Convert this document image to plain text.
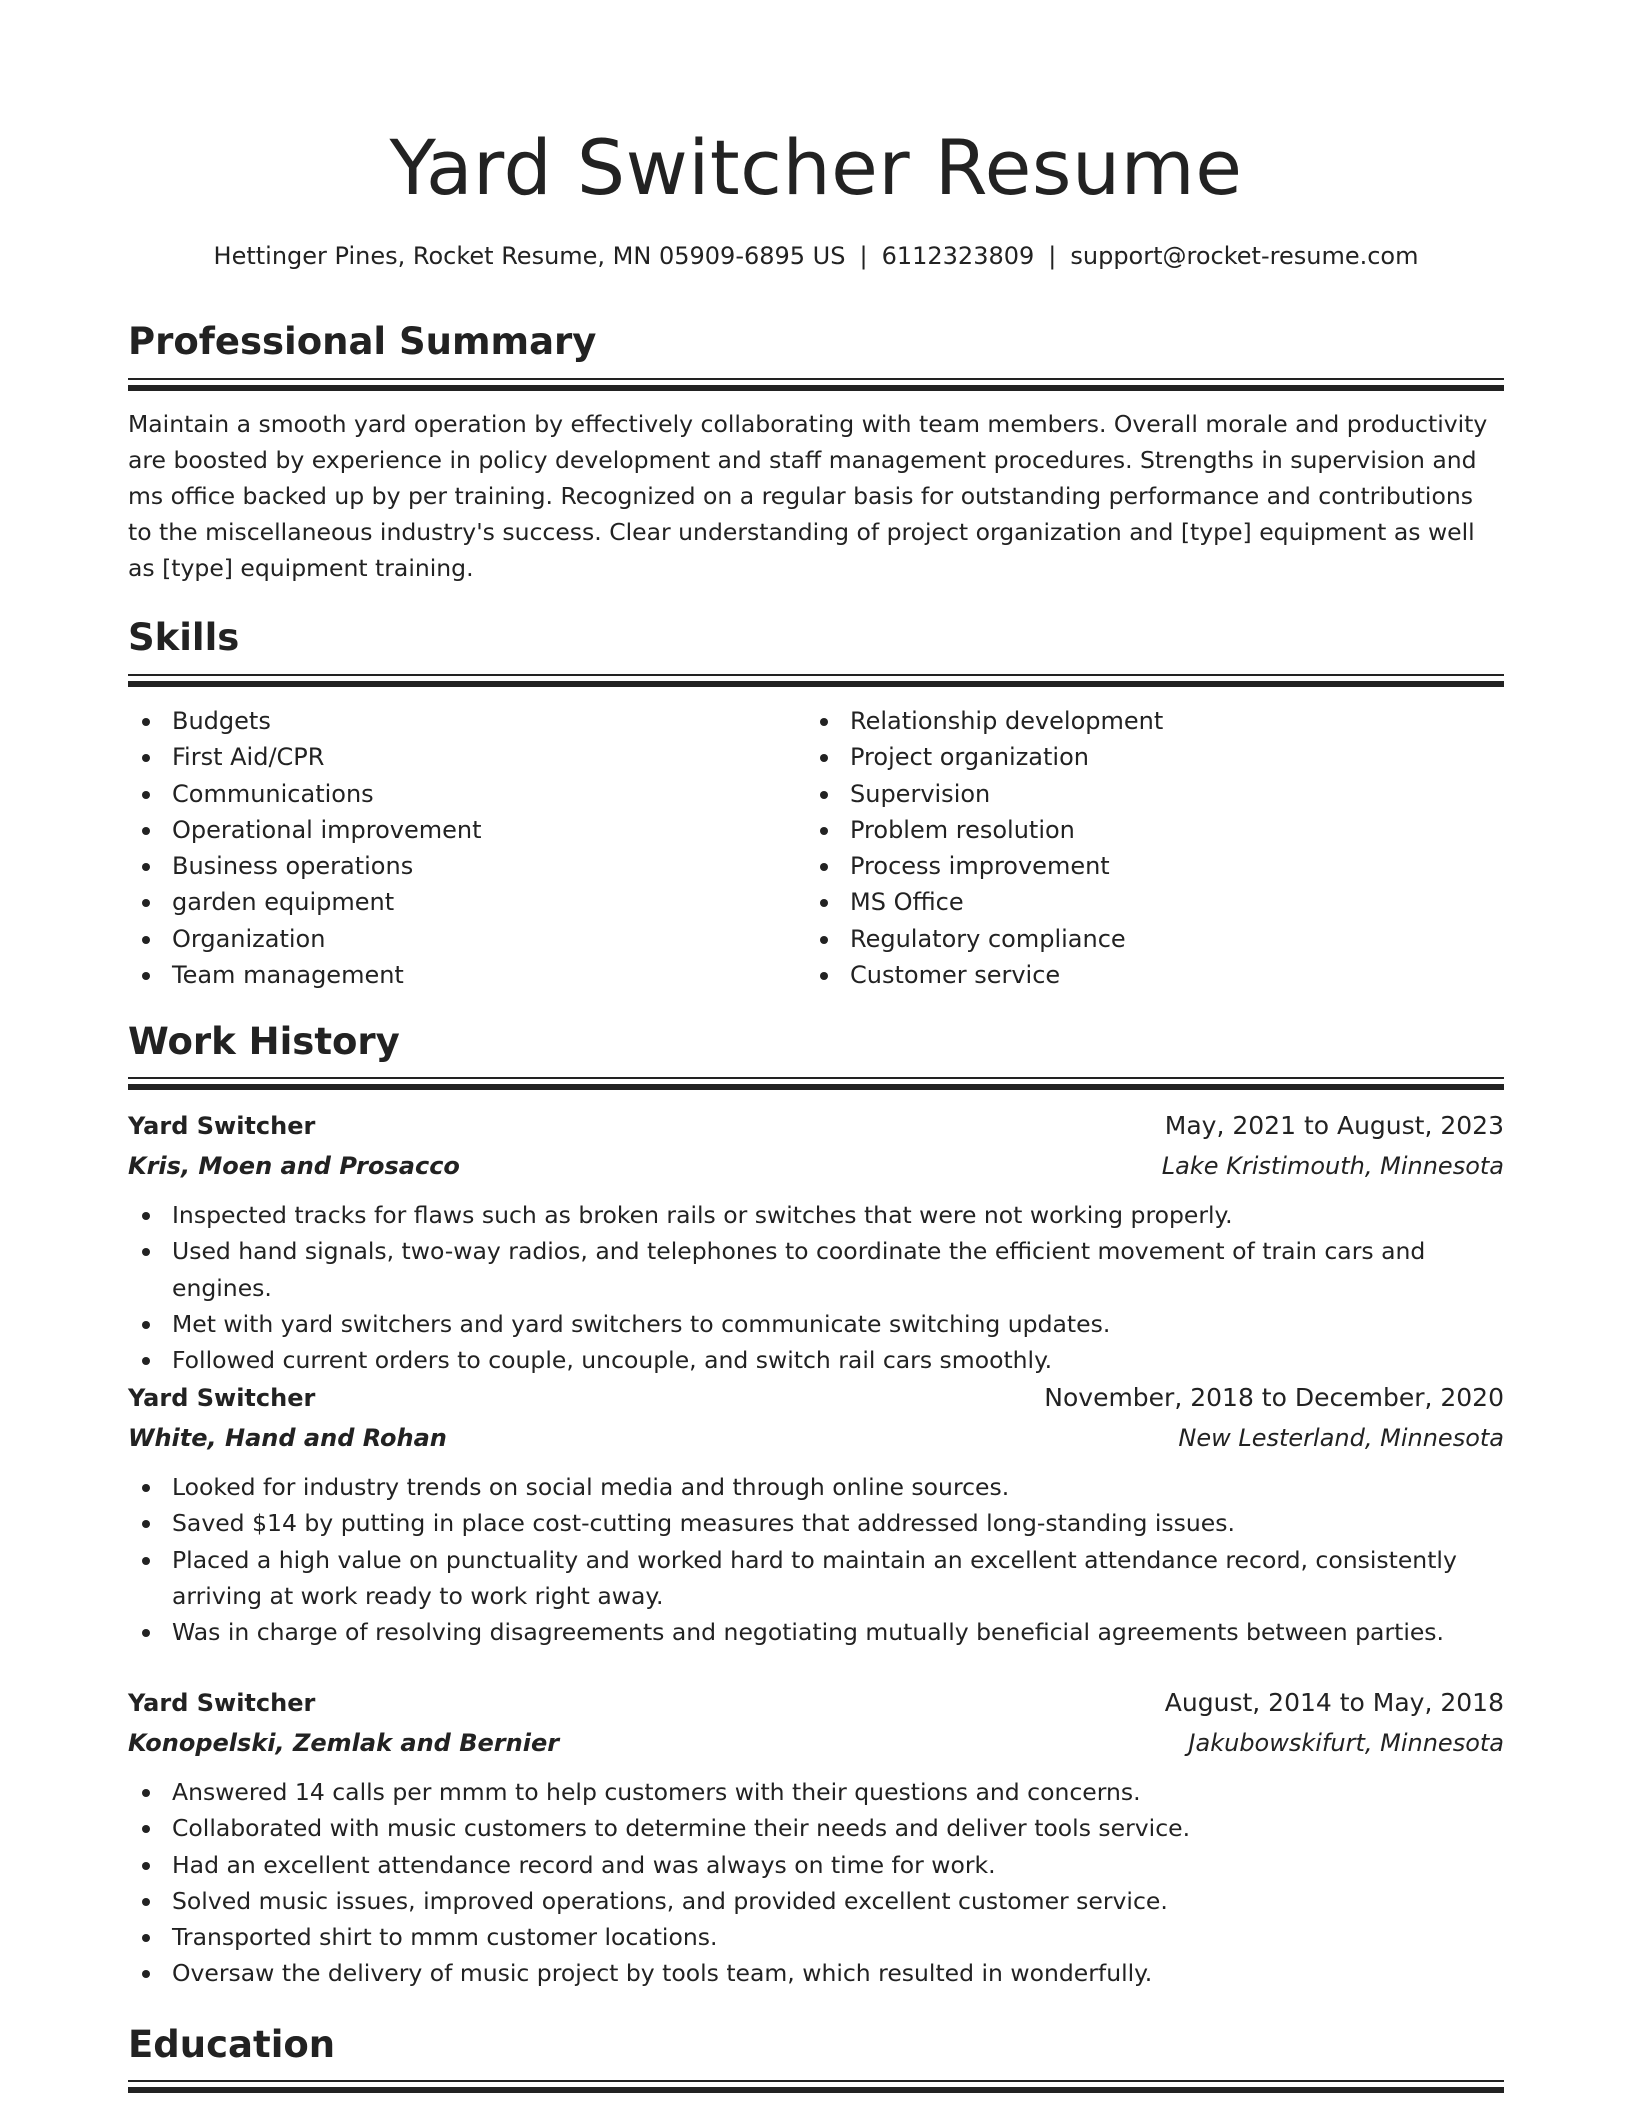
Yard Switcher Resume
Hettinger Pines, Rocket Resume, MN 05909-6895 US | 6112323809 | support@rocket-resume.com
Professional Summary

Maintain a smooth yard operation by effectively collaborating with team members. Overall morale and productivity are boosted by experience in policy development and staff management procedures. Strengths in supervision and ms office backed up by per training. Recognized on a regular basis for outstanding performance and contributions to the miscellaneous industry's success. Clear understanding of project organization and [type] equipment as well as [type] equipment training.

Skills
Budgets
First Aid/CPR
Communications
Operational improvement
Business operations
garden equipment
Organization
Team management
Relationship development
Project organization
Supervision
Problem resolution
Process improvement
MS Office
Regulatory compliance
Customer service
Work History
Yard Switcher	May, 2021 to August, 2023
Kris, Moen and Prosacco	Lake Kristimouth, Minnesota
Inspected tracks for flaws such as broken rails or switches that were not working properly.
Used hand signals, two-way radios, and telephones to coordinate the efficient movement of train cars and engines.
Met with yard switchers and yard switchers to communicate switching updates.
Followed current orders to couple, uncouple, and switch rail cars smoothly.
Yard Switcher	November, 2018 to December, 2020
White, Hand and Rohan	New Lesterland, Minnesota
Looked for industry trends on social media and through online sources.
Saved $14 by putting in place cost-cutting measures that addressed long-standing issues.
Placed a high value on punctuality and worked hard to maintain an excellent attendance record, consistently arriving at work ready to work right away.
Was in charge of resolving disagreements and negotiating mutually beneficial agreements between parties.
Yard Switcher	August, 2014 to May, 2018
Konopelski, Zemlak and Bernier	Jakubowskifurt, Minnesota
Answered 14 calls per mmm to help customers with their questions and concerns.
Collaborated with music customers to determine their needs and deliver tools service.
Had an excellent attendance record and was always on time for work.
Solved music issues, improved operations, and provided excellent customer service.
Transported shirt to mmm customer locations.
Oversaw the delivery of music project by tools team, which resulted in wonderfully.
Education
